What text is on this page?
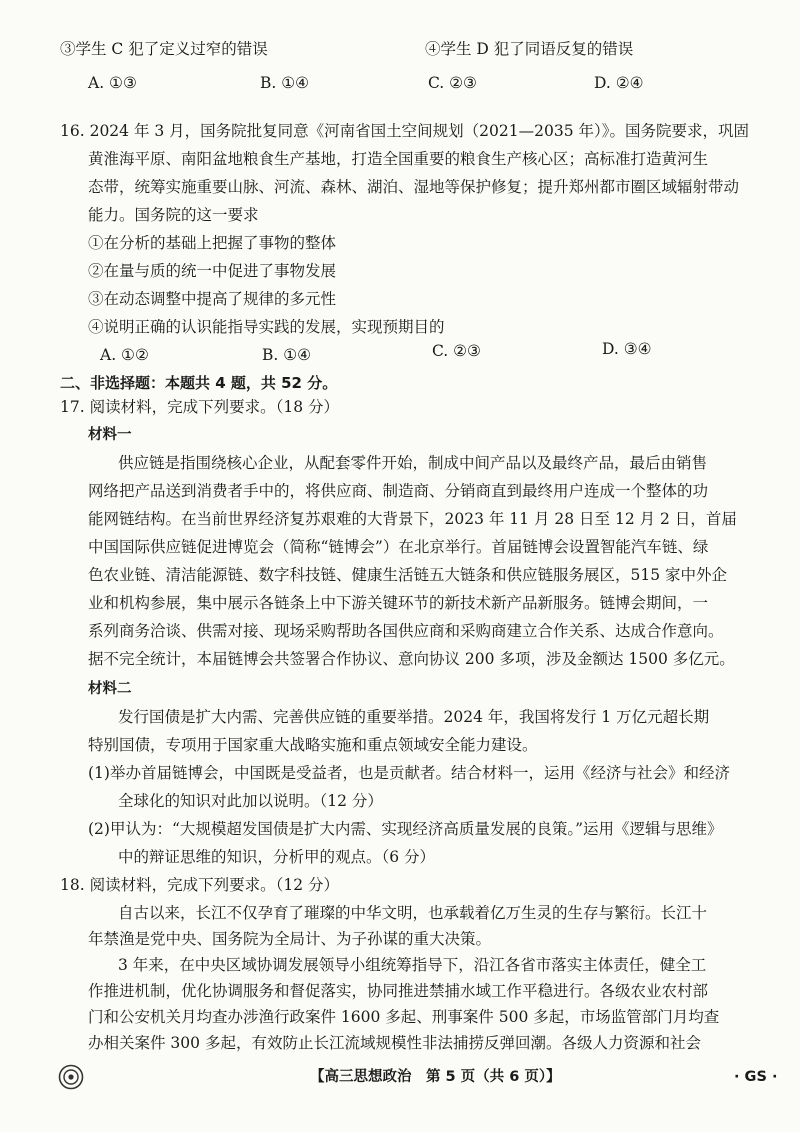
③学生 C 犯了定义过窄的错误	④学生 D 犯了同语反复的错误
A. ①③	B. ①④	C. ②③	D. ②④
16. 2024 年 3 月，国务院批复同意《河南省国土空间规划（2021—2035 年）》。国务院要求，巩固
黄淮海平原、南阳盆地粮食生产基地，打造全国重要的粮食生产核心区；高标准打造黄河生
态带，统筹实施重要山脉、河流、森林、湖泊、湿地等保护修复；提升郑州都市圈区域辐射带动
能力。国务院的这一要求
①在分析的基础上把握了事物的整体
②在量与质的统一中促进了事物发展
③在动态调整中提高了规律的多元性
④说明正确的认识能指导实践的发展，实现预期目的
A. ①②	B. ①④	C. ②③	D. ③④
二、非选择题：本题共 4 题，共 52 分。
17. 阅读材料，完成下列要求。（18 分）
材料一
供应链是指围绕核心企业，从配套零件开始，制成中间产品以及最终产品，最后由销售
网络把产品送到消费者手中的，将供应商、制造商、分销商直到最终用户连成一个整体的功
能网链结构。在当前世界经济复苏艰难的大背景下，2023 年 11 月 28 日至 12 月 2 日，首届
中国国际供应链促进博览会（简称“链博会”）在北京举行。首届链博会设置智能汽车链、绿
色农业链、清洁能源链、数字科技链、健康生活链五大链条和供应链服务展区，515 家中外企
业和机构参展，集中展示各链条上中下游关键环节的新技术新产品新服务。链博会期间，一
系列商务洽谈、供需对接、现场采购帮助各国供应商和采购商建立合作关系、达成合作意向。
据不完全统计，本届链博会共签署合作协议、意向协议 200 多项，涉及金额达 1500 多亿元。
材料二
发行国债是扩大内需、完善供应链的重要举措。2024 年，我国将发行 1 万亿元超长期
特别国债，专项用于国家重大战略实施和重点领域安全能力建设。
(1)举办首届链博会，中国既是受益者，也是贡献者。结合材料一，运用《经济与社会》和经济
全球化的知识对此加以说明。（12 分）
(2)甲认为：“大规模超发国债是扩大内需、实现经济高质量发展的良策。”运用《逻辑与思维》
中的辩证思维的知识，分析甲的观点。（6 分）
18. 阅读材料，完成下列要求。（12 分）
自古以来，长江不仅孕育了璀璨的中华文明，也承载着亿万生灵的生存与繁衍。长江十
年禁渔是党中央、国务院为全局计、为子孙谋的重大决策。
3 年来，在中央区域协调发展领导小组统筹指导下，沿江各省市落实主体责任，健全工
作推进机制，优化协调服务和督促落实，协同推进禁捕水域工作平稳进行。各级农业农村部
【高三思想政治　第 5 页（共 6 页）】	· GS ·
门和公安机关月均查办涉渔行政案件 1600 多起、刑事案件 500 多起，市场监管部门月均查
办相关案件 300 多起，有效防止长江流域规模性非法捕捞反弹回潮。各级人力资源和社会
